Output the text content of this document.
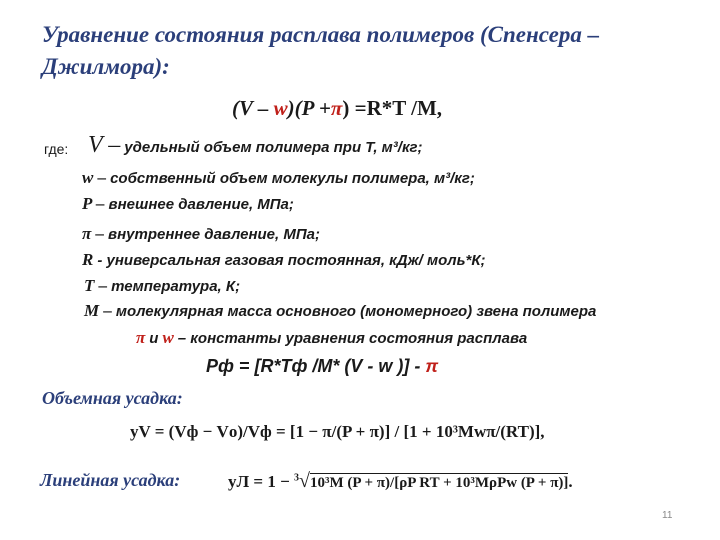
Уравнение состояния расплава полимеров (Спенсера –
Джилмора):
(V – w)(P +π) =R*T /M,
где: V – удельный объем полимера при T, м³/кг;
w – собственный объем молекулы полимера, м³/кг;
P – внешнее давление, МПа;
π – внутреннее давление, МПа;
R - универсальная газовая постоянная, кДж/ моль*К;
T – температура, К;
M – молекулярная масса основного (мономерного) звена полимера
π и w – константы уравнения состояния расплава
Pф = [R*Tф /M* (V - w )] - π
Объемная усадка:
yV = (Vф − Vо)/Vф = [1 − π/(P + π)] / [1 + 10³Mwπ/(RT)],
Линейная усадка:	yЛ = 1 − $^3$√10³M (P + π)/[ρP RT + 10³MρPw (P + π)].
11
